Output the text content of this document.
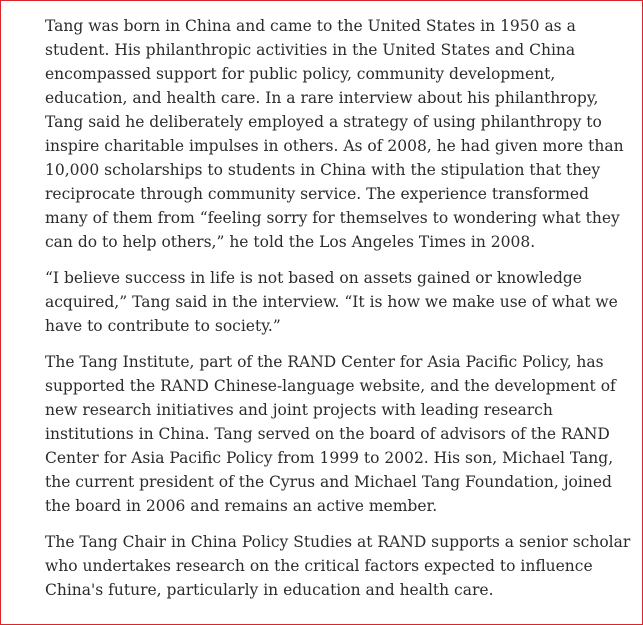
Tang was born in China and came to the United States in 1950 as a student. His philanthropic activities in the United States and China encompassed support for public policy, community development, education, and health care. In a rare interview about his philanthropy, Tang said he deliberately employed a strategy of using philanthropy to inspire charitable impulses in others. As of 2008, he had given more than 10,000 scholarships to students in China with the stipulation that they reciprocate through community service. The experience transformed many of them from “feeling sorry for themselves to wondering what they can do to help others,” he told the Los Angeles Times in 2008.

“I believe success in life is not based on assets gained or knowledge acquired,” Tang said in the interview. “It is how we make use of what we have to contribute to society.”

The Tang Institute, part of the RAND Center for Asia Pacific Policy, has supported the RAND Chinese-language website, and the development of new research initiatives and joint projects with leading research institutions in China. Tang served on the board of advisors of the RAND Center for Asia Pacific Policy from 1999 to 2002. His son, Michael Tang, the current president of the Cyrus and Michael Tang Foundation, joined the board in 2006 and remains an active member.

The Tang Chair in China Policy Studies at RAND supports a senior scholar who undertakes research on the critical factors expected to influence China's future, particularly in education and health care.
